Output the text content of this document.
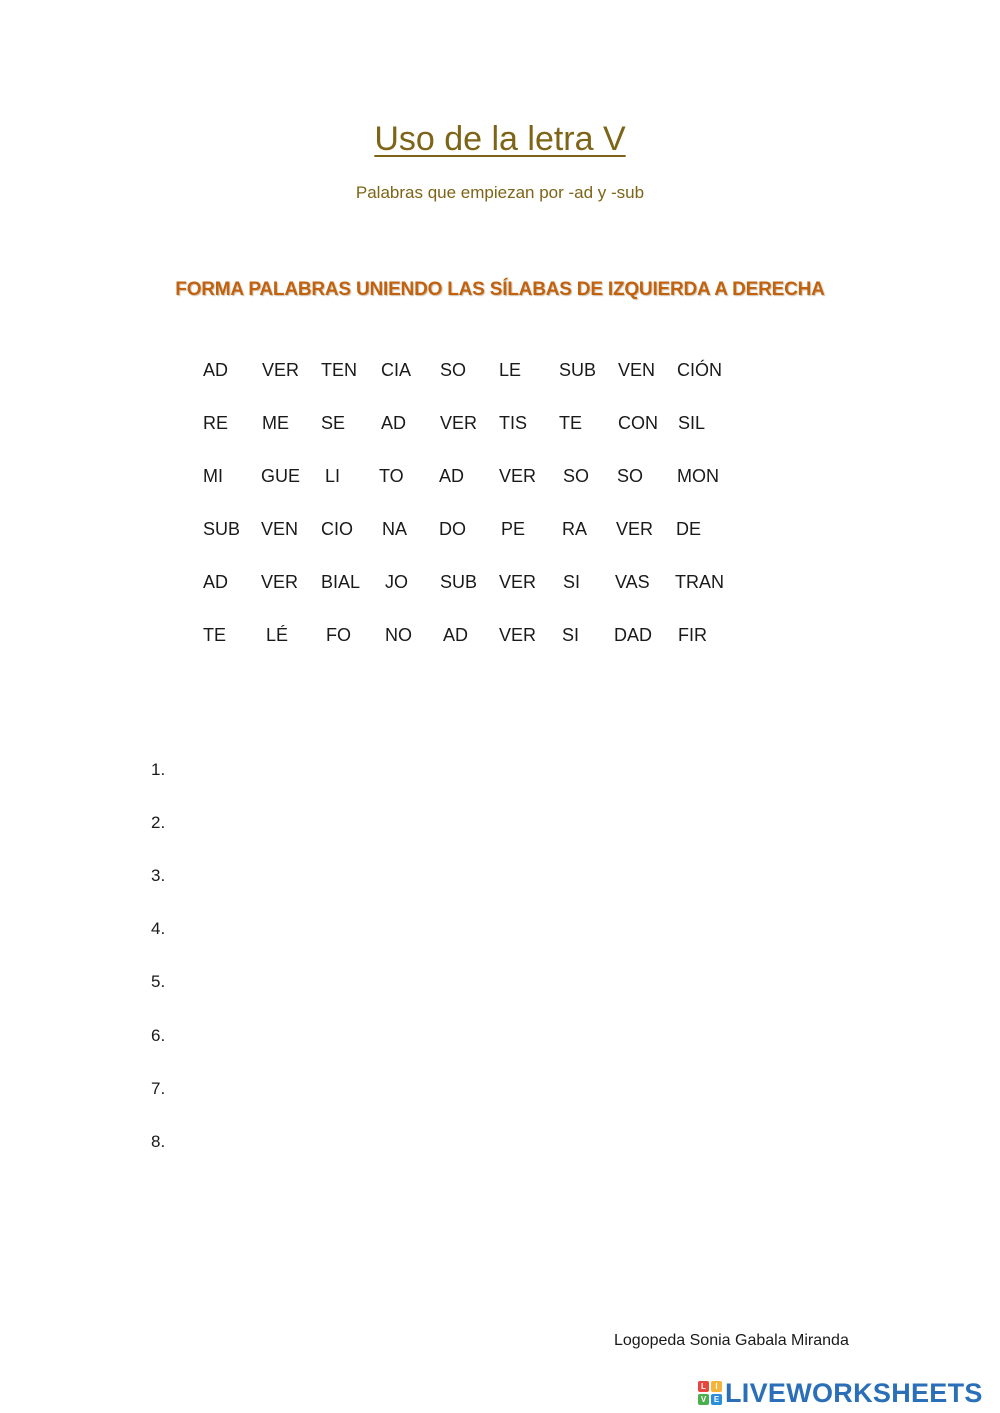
Uso de la letra V
Palabras que empiezan por -ad y -sub
FORMA PALABRAS UNIENDO LAS SÍLABAS DE IZQUIERDA A DERECHA
AD VER TEN CIA SO LE SUB VEN CIÓN
RE ME SE AD VER TIS TE CON SIL
MI GUE LI TO AD VER SO SO MON
SUB VEN CIO NA DO PE RA VER DE
AD VER BIAL JO SUB VER SI VAS TRAN
TE LÉ FO NO AD VER SI DAD FIR
1.
2.
3.
4.
5.
6.
7.
8.
Logopeda Sonia Gabala Miranda
L	I
V E LIVEWORKSHEETS
